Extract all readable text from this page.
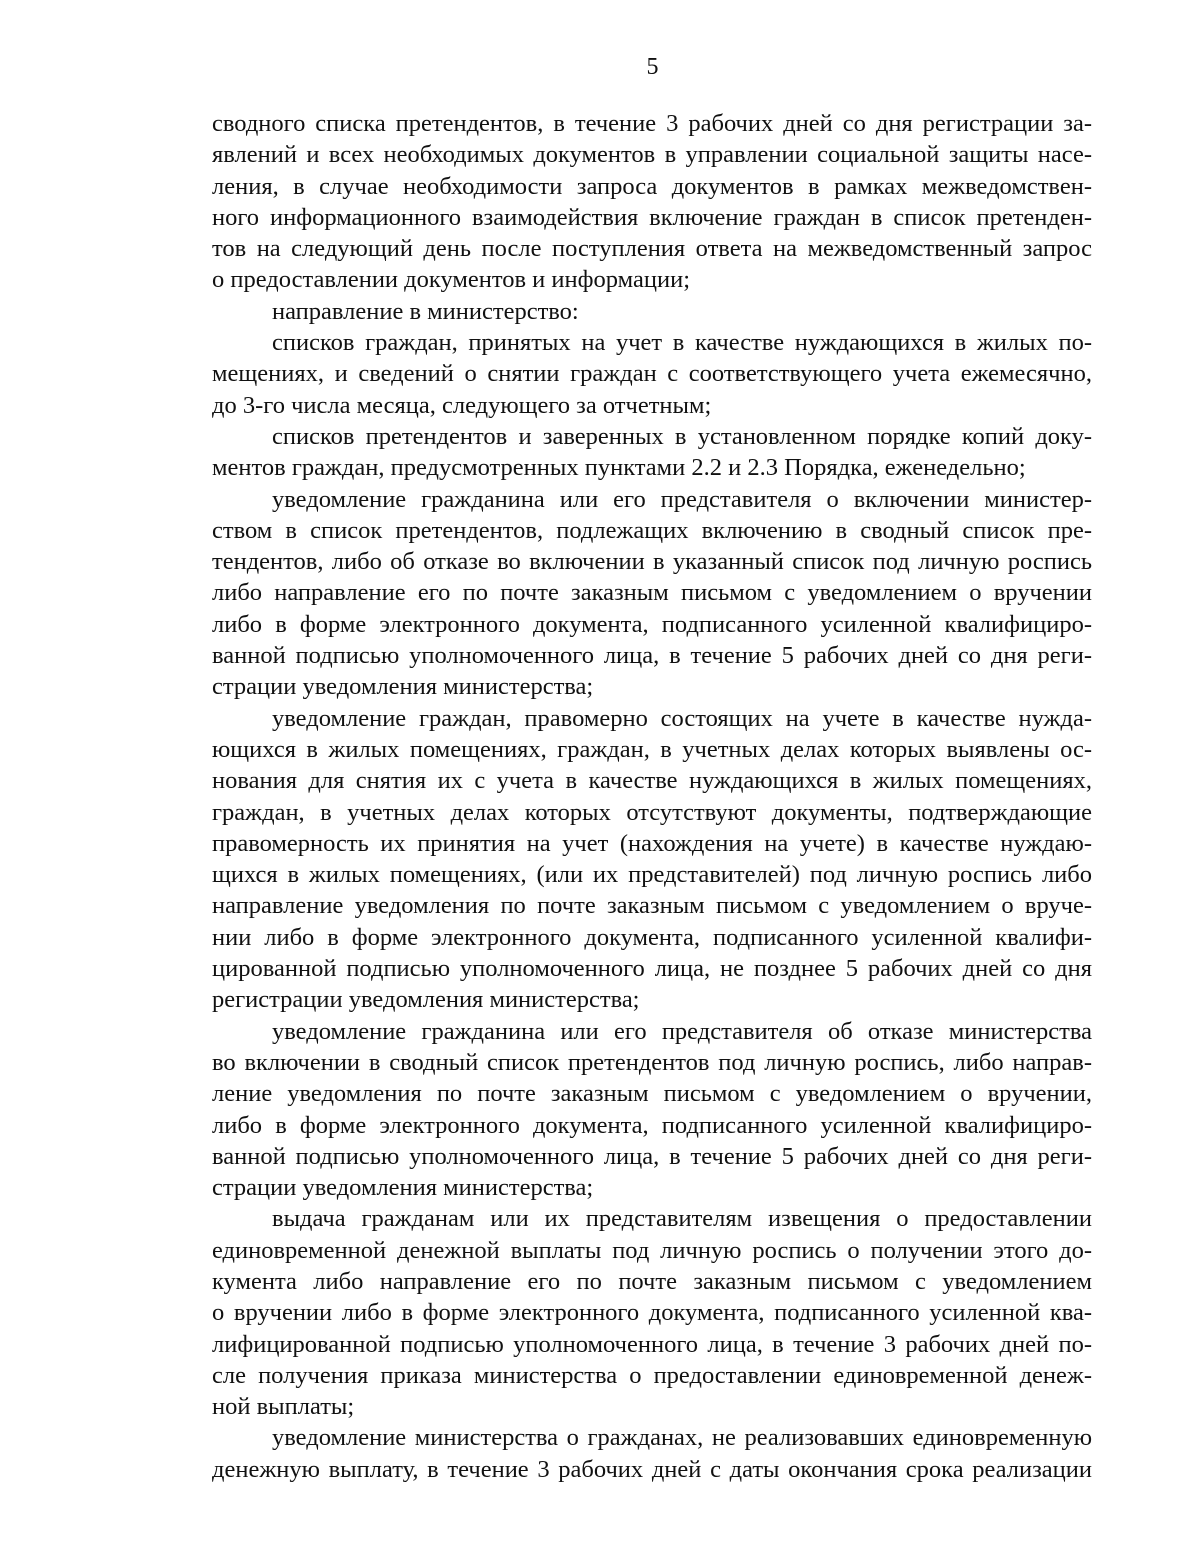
5
сводного списка претендентов, в течение 3 рабочих дней со дня регистрации за-
явлений и всех необходимых документов в управлении социальной защиты насе-
ления, в случае необходимости запроса документов в рамках межведомствен-
ного информационного взаимодействия включение граждан в список претенден-
тов на следующий день после поступления ответа на межведомственный запрос
о предоставлении документов и информации;
направление в министерство:
списков граждан, принятых на учет в качестве нуждающихся в жилых по-
мещениях, и сведений о снятии граждан с соответствующего учета ежемесячно,
до 3-го числа месяца, следующего за отчетным;
списков претендентов и заверенных в установленном порядке копий доку-
ментов граждан, предусмотренных пунктами 2.2 и 2.3 Порядка, еженедельно;
уведомление гражданина или его представителя о включении министер-
ством в список претендентов, подлежащих включению в сводный список пре-
тендентов, либо об отказе во включении в указанный список под личную роспись
либо направление его по почте заказным письмом с уведомлением о вручении
либо в форме электронного документа, подписанного усиленной квалифициро-
ванной подписью уполномоченного лица, в течение 5 рабочих дней со дня реги-
страции уведомления министерства;
уведомление граждан, правомерно состоящих на учете в качестве нужда-
ющихся в жилых помещениях, граждан, в учетных делах которых выявлены ос-
нования для снятия их с учета в качестве нуждающихся в жилых помещениях,
граждан, в учетных делах которых отсутствуют документы, подтверждающие
правомерность их принятия на учет (нахождения на учете) в качестве нуждаю-
щихся в жилых помещениях, (или их представителей) под личную роспись либо
направление уведомления по почте заказным письмом с уведомлением о вруче-
нии либо в форме электронного документа, подписанного усиленной квалифи-
цированной подписью уполномоченного лица, не позднее 5 рабочих дней со дня
регистрации уведомления министерства;
уведомление гражданина или его представителя об отказе министерства
во включении в сводный список претендентов под личную роспись, либо направ-
ление уведомления по почте заказным письмом с уведомлением о вручении,
либо в форме электронного документа, подписанного усиленной квалифициро-
ванной подписью уполномоченного лица, в течение 5 рабочих дней со дня реги-
страции уведомления министерства;
выдача гражданам или их представителям извещения о предоставлении
единовременной денежной выплаты под личную роспись о получении этого до-
кумента либо направление его по почте заказным письмом с уведомлением
о вручении либо в форме электронного документа, подписанного усиленной ква-
лифицированной подписью уполномоченного лица, в течение 3 рабочих дней по-
сле получения приказа министерства о предоставлении единовременной денеж-
ной выплаты;
уведомление министерства о гражданах, не реализовавших единовременную
денежную выплату, в течение 3 рабочих дней с даты окончания срока реализации
